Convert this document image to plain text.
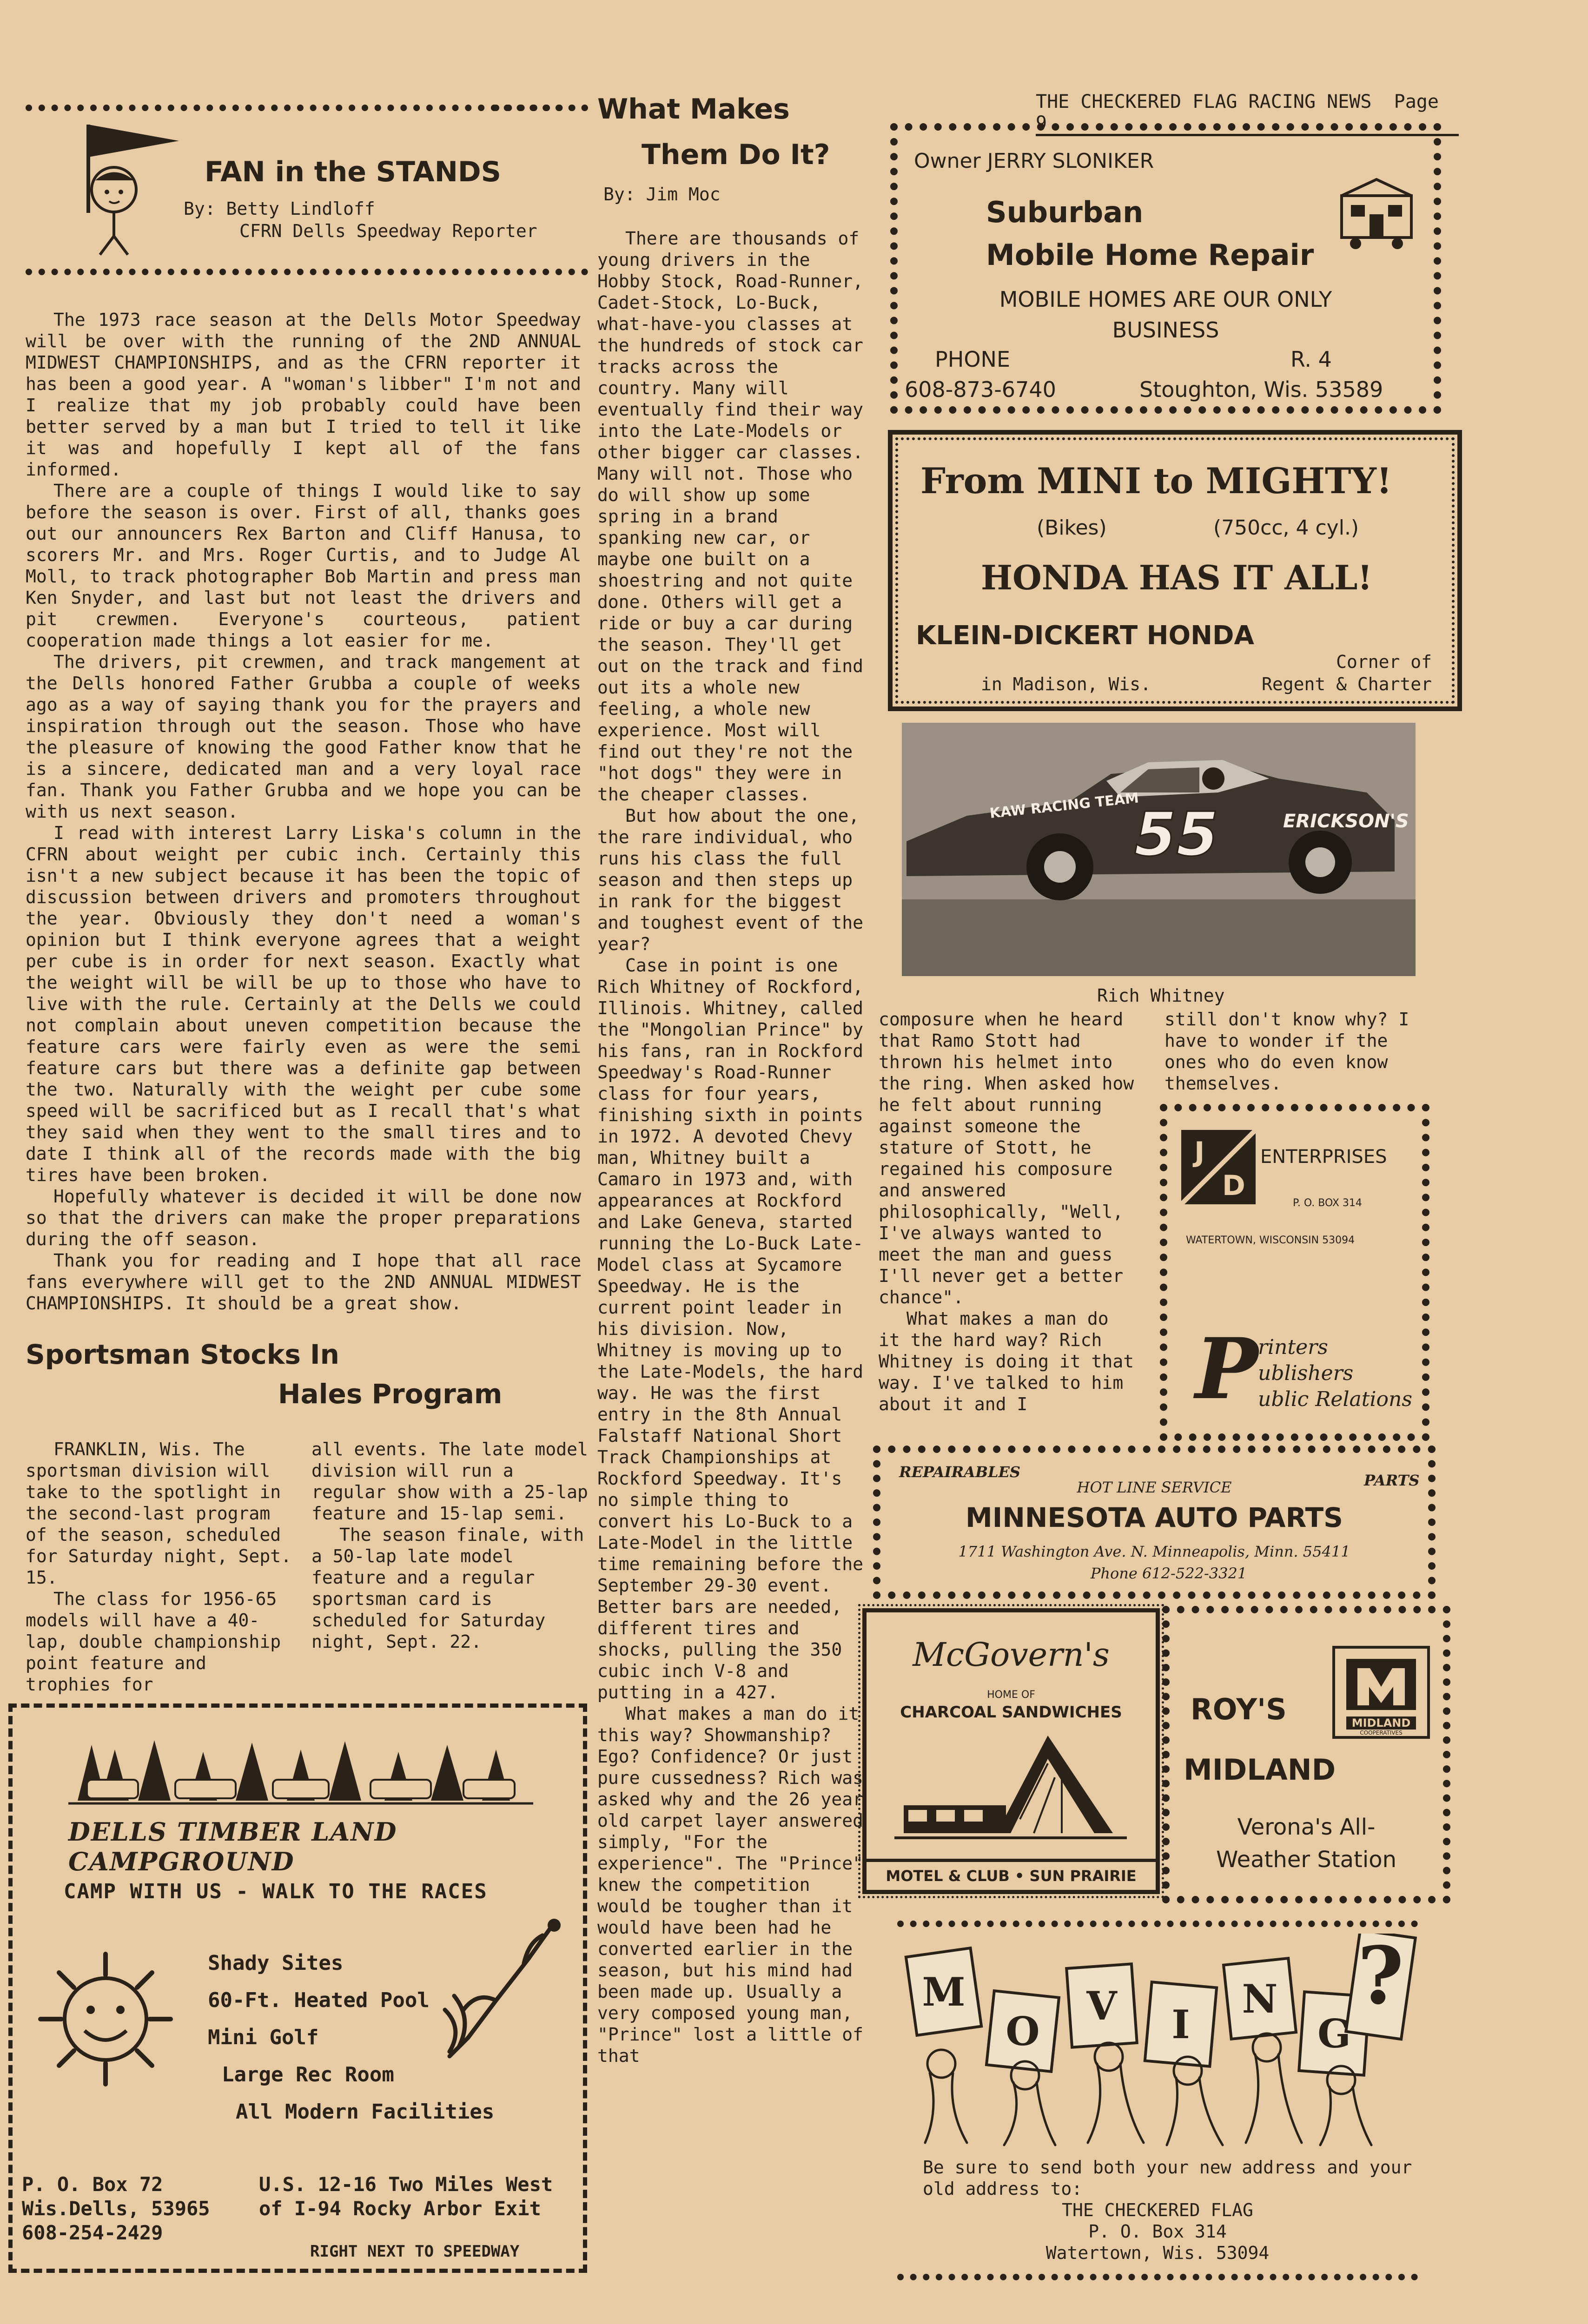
THE CHECKERED FLAG RACING NEWS Page 9
FAN in the STANDS
By: Betty Lindloff
CFRN Dells Speedway Reporter

The 1973 race season at the Dells Motor Speedway will be over with the running of the 2ND ANNUAL MIDWEST CHAMPIONSHIPS, and as the CFRN reporter it has been a good year. A "woman's libber" I'm not and I realize that my job probably could have been better served by a man but I tried to tell it like it was and hopefully I kept all of the fans informed.

There are a couple of things I would like to say before the season is over. First of all, thanks goes out our announcers Rex Barton and Cliff Hanusa, to scorers Mr. and Mrs. Roger Curtis, and to Judge Al Moll, to track photographer Bob Martin and press man Ken Snyder, and last but not least the drivers and pit crewmen. Everyone's courteous, patient cooperation made things a lot easier for me.

The drivers, pit crewmen, and track mangement at the Dells honored Father Grubba a couple of weeks ago as a way of saying thank you for the prayers and inspiration through out the season. Those who have the pleasure of knowing the good Father know that he is a sincere, dedicated man and a very loyal race fan. Thank you Father Grubba and we hope you can be with us next season.

I read with interest Larry Liska's column in the CFRN about weight per cubic inch. Certainly this isn't a new subject because it has been the topic of discussion between drivers and promoters throughout the year. Obviously they don't need a woman's opinion but I think everyone agrees that a weight per cube is in order for next season. Exactly what the weight will be will be up to those who have to live with the rule. Certainly at the Dells we could not complain about uneven competition because the feature cars were fairly even as were the semi feature cars but there was a definite gap between the two. Naturally with the weight per cube some speed will be sacrificed but as I recall that's what they said when they went to the small tires and to date I think all of the records made with the big tires have been broken.

Hopefully whatever is decided it will be done now so that the drivers can make the proper preparations during the off season.

Thank you for reading and I hope that all race fans everywhere will get to the 2ND ANNUAL MIDWEST CHAMPIONSHIPS. It should be a great show.

Sportsman Stocks In
Hales Program

FRANKLIN, Wis. The sportsman division will take to the spotlight in the second-last program of the season, scheduled for Saturday night, Sept. 15.

The class for 1956-65 models will have a 40-lap, double championship point feature and trophies for

all events. The late model division will run a regular show with a 25-lap feature and 15-lap semi.

The season finale, with a 50-lap late model feature and a regular sportsman card is scheduled for Saturday night, Sept. 22.

DELLS TIMBER LAND CAMPGROUND
CAMP WITH US - WALK TO THE RACES
Shady Sites
60-Ft. Heated Pool
Mini Golf
Large Rec Room
All Modern Facilities
P. O. Box 72
Wis.Dells, 53965
608-254-2429
U.S. 12-16 Two Miles West
of I-94 Rocky Arbor Exit
RIGHT NEXT TO SPEEDWAY
What Makes
Them Do It?
By: Jim Moc

There are thousands of young drivers in the Hobby Stock, Road-Runner, Cadet-Stock, Lo-Buck, what-have-you classes at the hundreds of stock car tracks across the country. Many will eventually find their way into the Late-Models or other bigger car classes. Many will not. Those who do will show up some spring in a brand spanking new car, or maybe one built on a shoestring and not quite done. Others will get a ride or buy a car during the season. They'll get out on the track and find out its a whole new feeling, a whole new experience. Most will find out they're not the "hot dogs" they were in the cheaper classes.

But how about the one, the rare individual, who runs his class the full season and then steps up in rank for the biggest and toughest event of the year?

Case in point is one Rich Whitney of Rockford, Illinois. Whitney, called the "Mongolian Prince" by his fans, ran in Rockford Speedway's Road-Runner class for four years, finishing sixth in points in 1972. A devoted Chevy man, Whitney built a Camaro in 1973 and, with appearances at Rockford and Lake Geneva, started running the Lo-Buck Late-Model class at Sycamore Speedway. He is the current point leader in his division. Now, Whitney is moving up to the Late-Models, the hard way. He was the first entry in the 8th Annual Falstaff National Short Track Championships at Rockford Speedway. It's no simple thing to convert his Lo-Buck to a Late-Model in the little time remaining before the September 29-30 event. Better bars are needed, different tires and shocks, pulling the 350 cubic inch V-8 and putting in a 427.

What makes a man do it this way? Showmanship? Ego? Confidence? Or just pure cussedness? Rich was asked why and the 26 year old carpet layer answered simply, "For the experience". The "Prince" knew the competition would be tougher than it would have been had he converted earlier in the season, but his mind had been made up. Usually a very composed young man, "Prince" lost a little of that

composure when he heard that Ramo Stott had thrown his helmet into the ring. When asked how he felt about running against someone the stature of Stott, he regained his composure and answered philosophically, "Well, I've always wanted to meet the man and guess I'll never get a better chance".

What makes a man do it the hard way? Rich Whitney is doing it that way. I've talked to him about it and I

still don't know why? I have to wonder if the ones who do even know themselves.

Owner JERRY SLONIKER
Suburban
Mobile Home Repair
MOBILE HOMES ARE OUR ONLY
BUSINESS
PHONE
608-873-6740
R. 4
Stoughton, Wis. 53589
From MINI to MIGHTY!
(Bikes)	(750cc, 4 cyl.)
HONDA HAS IT ALL!
KLEIN-DICKERT HONDA
in Madison, Wis.
Corner of
Regent & Charter
55
KAW RACING TEAM	ERICKSON'S
Rich Whitney
J
D
ENTERPRISES
P. O. BOX 314
WATERTOWN, WISCONSIN 53094
P rinters
ublishers
ublic Relations
REPAIRABLES	PARTS
HOT LINE SERVICE
MINNESOTA AUTO PARTS
1711 Washington Ave. N. Minneapolis, Minn. 55411
Phone 612-522-3321
McGovern's
HOME OF
CHARCOAL SANDWICHES
MOTEL & CLUB • SUN PRAIRIE
ROY'S	MIDLAND
COOPERATIVES
MIDLAND
Verona's All-
Weather Station
M
O
V I
N
G
?
Be sure to send both your new address and your
old address to:
THE CHECKERED FLAG
P. O. Box 314
Watertown, Wis. 53094
